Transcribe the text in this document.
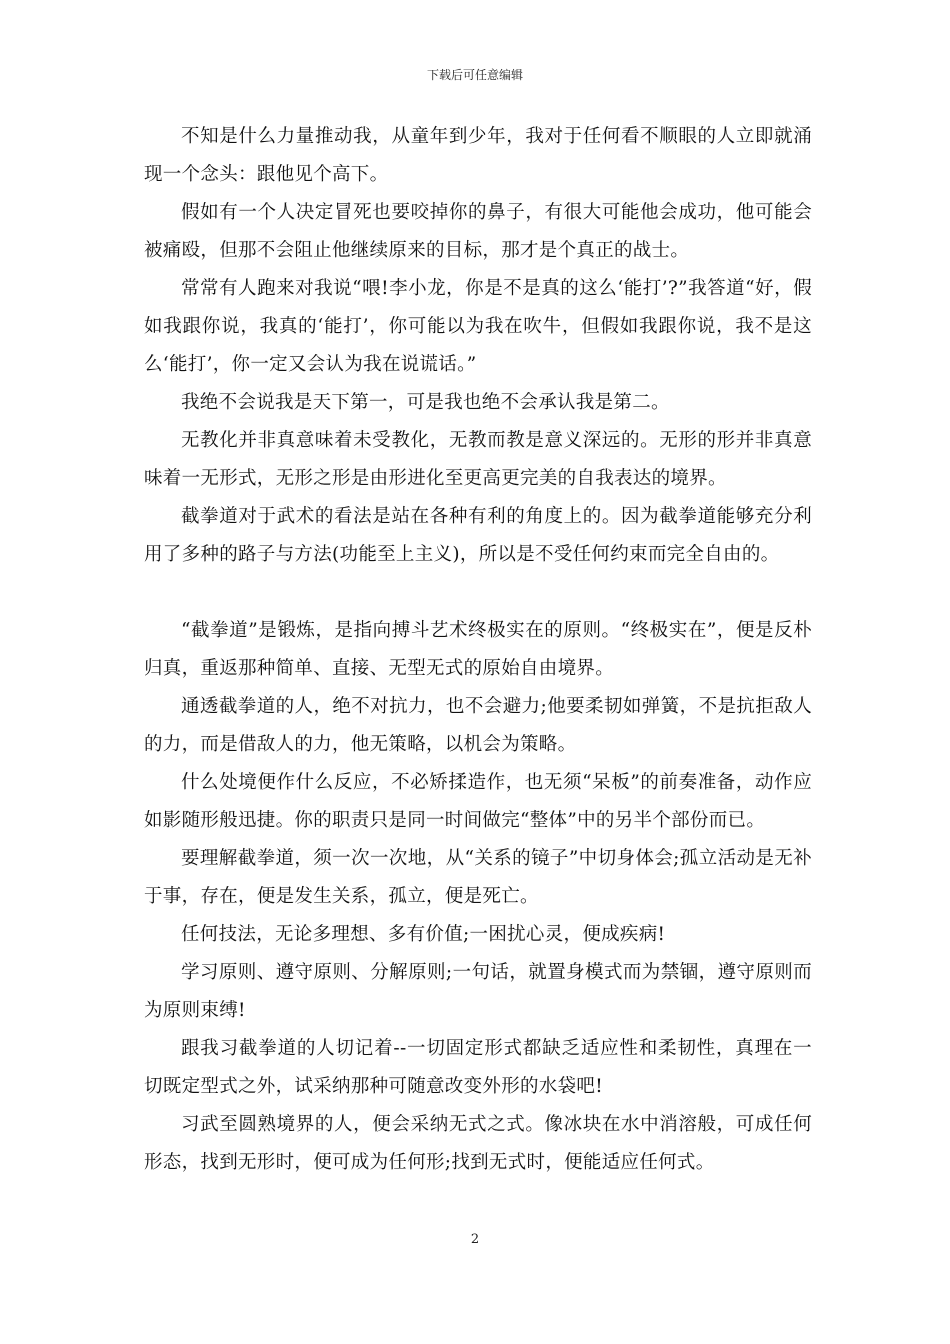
下载后可任意编辑

不知是什么力量推动我，从童年到少年，我对于任何看不顺眼的人立即就涌现一个念头：跟他见个高下。

假如有一个人决定冒死也要咬掉你的鼻子，有很大可能他会成功，他可能会被痛殴，但那不会阻止他继续原来的目标，那才是个真正的战士。

常常有人跑来对我说“喂!李小龙，你是不是真的这么‘能打’?”我答道“好，假如我跟你说，我真的‘能打’，你可能以为我在吹牛，但假如我跟你说，我不是这么‘能打’，你一定又会认为我在说谎话。”

我绝不会说我是天下第一，可是我也绝不会承认我是第二。

无教化并非真意味着未受教化，无教而教是意义深远的。无形的形并非真意味着一无形式，无形之形是由形进化至更高更完美的自我表达的境界。

截拳道对于武术的看法是站在各种有利的角度上的。因为截拳道能够充分利用了多种的路子与方法(功能至上主义)，所以是不受任何约束而完全自由的。

“截拳道”是锻炼，是指向搏斗艺术终极实在的原则。“终极实在”，便是反朴归真，重返那种简单、直接、无型无式的原始自由境界。

通透截拳道的人，绝不对抗力，也不会避力;他要柔韧如弹簧，不是抗拒敌人的力，而是借敌人的力，他无策略，以机会为策略。

什么处境便作什么反应，不必矫揉造作，也无须“呆板”的前奏准备，动作应如影随形般迅捷。你的职责只是同一时间做完“整体”中的另半个部份而已。

要理解截拳道，须一次一次地，从“关系的镜子”中切身体会;孤立活动是无补于事，存在，便是发生关系，孤立，便是死亡。

任何技法，无论多理想、多有价值;一困扰心灵，便成疾病!

学习原则、遵守原则、分解原则;一句话，就置身模式而为禁锢，遵守原则而为原则束缚!

跟我习截拳道的人切记着--一切固定形式都缺乏适应性和柔韧性，真理在一切既定型式之外，试采纳那种可随意改变外形的水袋吧!

习武至圆熟境界的人，便会采纳无式之式。像冰块在水中消溶般，可成任何形态，找到无形时，便可成为任何形;找到无式时，便能适应任何式。

2
